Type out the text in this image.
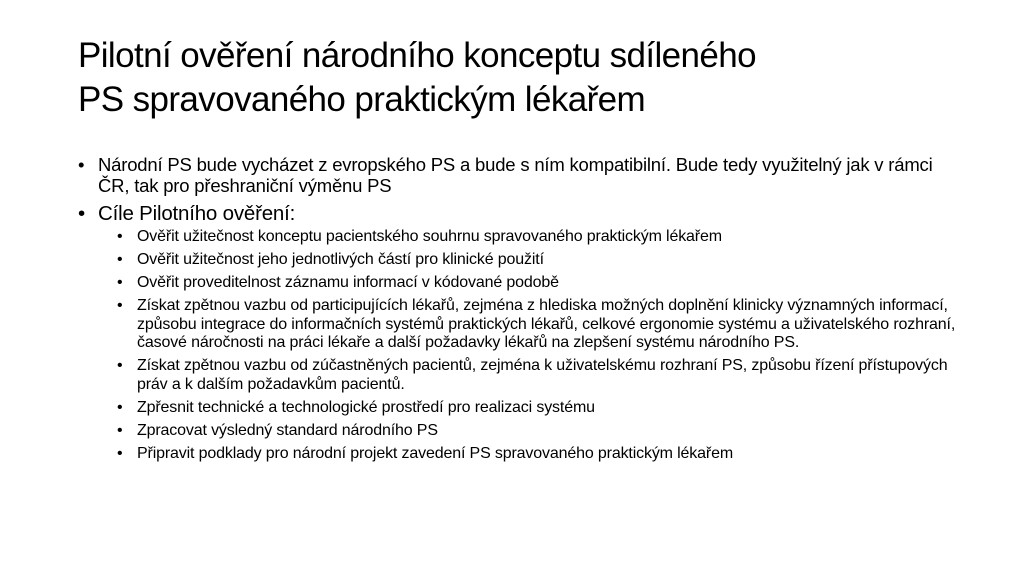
Pilotní ověření národního konceptu sdíleného
PS spravovaného praktickým lékařem
• Národní PS bude vycházet z evropského PS a bude s ním kompatibilní. Bude tedy využitelný jak v rámci ČR, tak pro přeshraniční výměnu PS
• Cíle Pilotního ověření:
• Ověřit užitečnost konceptu pacientského souhrnu spravovaného praktickým lékařem
• Ověřit užitečnost jeho jednotlivých částí pro klinické použití
• Ověřit proveditelnost záznamu informací v kódované podobě
• Získat zpětnou vazbu od participujících lékařů, zejména z hlediska možných doplnění klinicky významných informací, způsobu integrace do informačních systémů praktických lékařů, celkové ergonomie systému a uživatelského rozhraní, časové náročnosti na práci lékaře a další požadavky lékařů na zlepšení systému národního PS.
• Získat zpětnou vazbu od zúčastněných pacientů, zejména k uživatelskému rozhraní PS, způsobu řízení přístupových práv a k dalším požadavkům pacientů.
• Zpřesnit technické a technologické prostředí pro realizaci systému
• Zpracovat výsledný standard národního PS
• Připravit podklady pro národní projekt zavedení PS spravovaného praktickým lékařem
